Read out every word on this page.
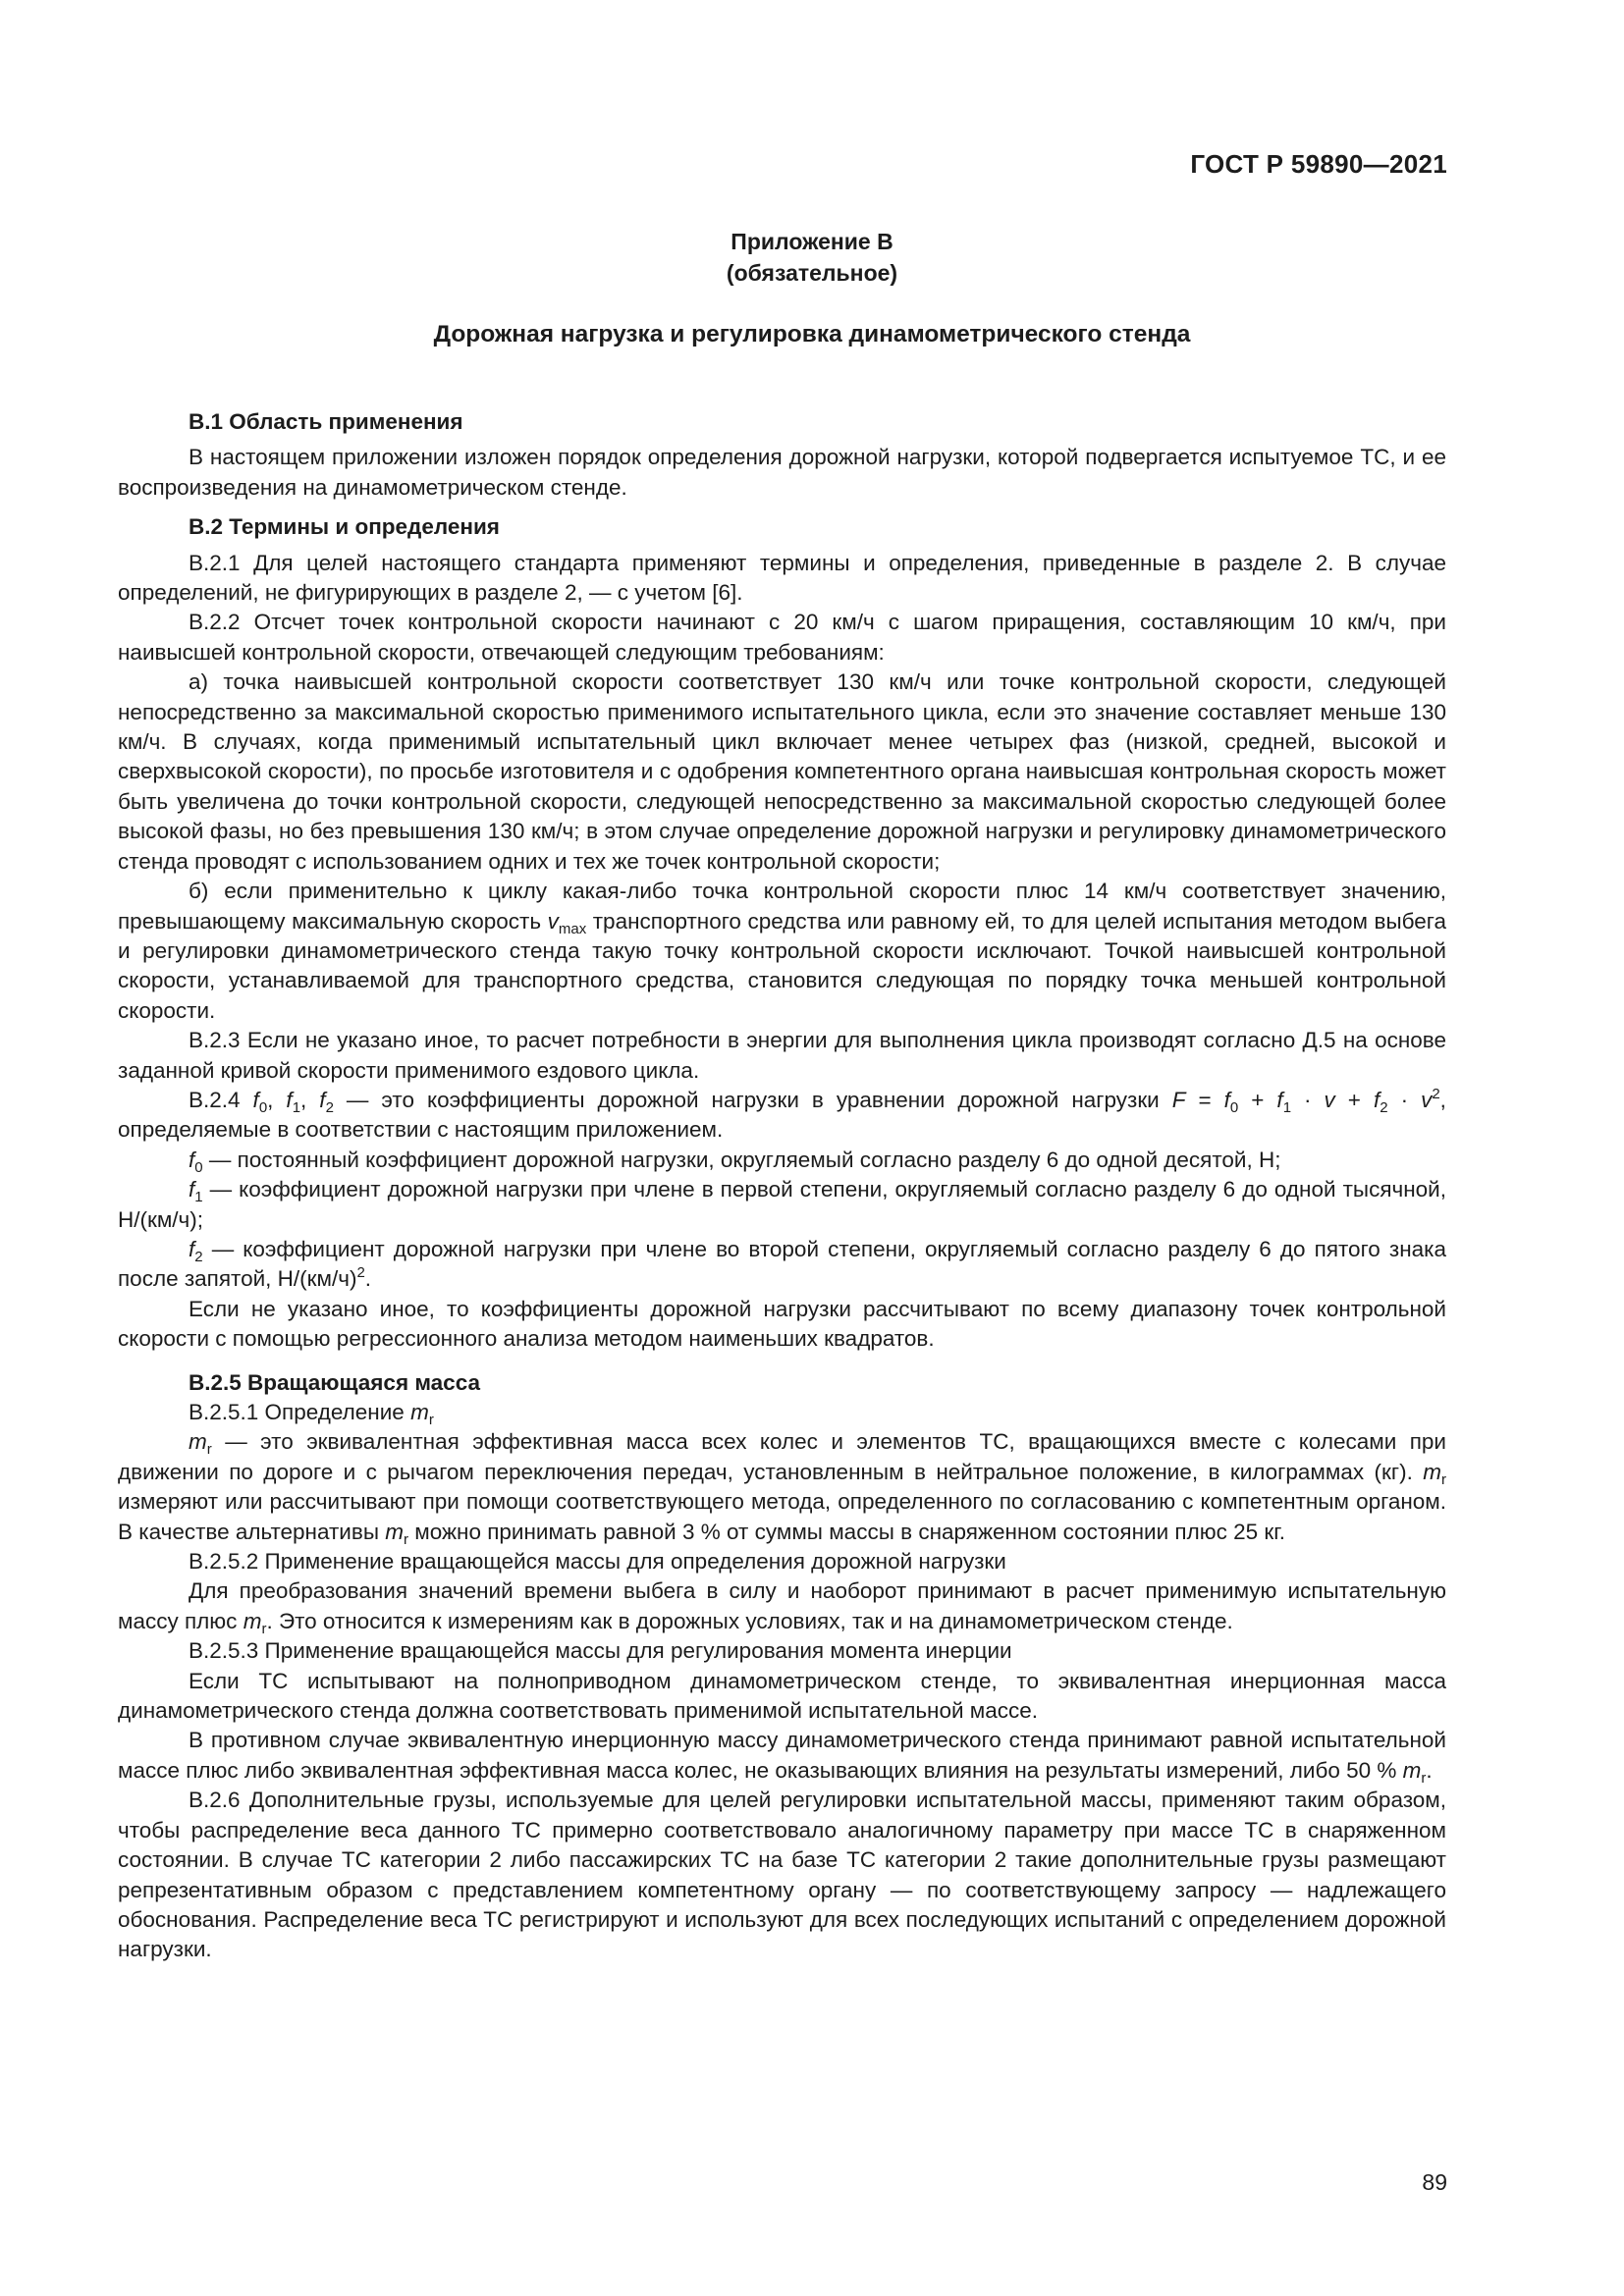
ГОСТ Р 59890—2021
Приложение В
(обязательное)
Дорожная нагрузка и регулировка динамометрического стенда

В.1 Область применения

В настоящем приложении изложен порядок определения дорожной нагрузки, которой подвергается испытуемое ТС, и ее воспроизведения на динамометрическом стенде.

В.2 Термины и определения

В.2.1 Для целей настоящего стандарта применяют термины и определения, приведенные в разделе 2. В случае определений, не фигурирующих в разделе 2, — с учетом [6].

В.2.2 Отсчет точек контрольной скорости начинают с 20 км/ч с шагом приращения, составляющим 10 км/ч, при наивысшей контрольной скорости, отвечающей следующим требованиям:

а) точка наивысшей контрольной скорости соответствует 130 км/ч или точке контрольной скорости, следующей непосредственно за максимальной скоростью применимого испытательного цикла, если это значение составляет меньше 130 км/ч. В случаях, когда применимый испытательный цикл включает менее четырех фаз (низкой, средней, высокой и сверхвысокой скорости), по просьбе изготовителя и с одобрения компетентного органа наивысшая контрольная скорость может быть увеличена до точки контрольной скорости, следующей непосредственно за максимальной скоростью следующей более высокой фазы, но без превышения 130 км/ч; в этом случае определение дорожной нагрузки и регулировку динамометрического стенда проводят с использованием одних и тех же точек контрольной скорости;

б) если применительно к циклу какая-либо точка контрольной скорости плюс 14 км/ч соответствует значению, превышающему максимальную скорость $v_{max}$ транспортного средства или равному ей, то для целей испытания методом выбега и регулировки динамометрического стенда такую точку контрольной скорости исключают. Точкой наивысшей контрольной скорости, устанавливаемой для транспортного средства, становится следующая по порядку точка меньшей контрольной скорости.

В.2.3 Если не указано иное, то расчет потребности в энергии для выполнения цикла производят согласно Д.5 на основе заданной кривой скорости применимого ездового цикла.

В.2.4 $f_0$, $f_1$, $f_2$ — это коэффициенты дорожной нагрузки в уравнении дорожной нагрузки $F = f_0 + f_1 \cdot v + f_2 \cdot v^2$, определяемые в соответствии с настоящим приложением.

$f_0$ — постоянный коэффициент дорожной нагрузки, округляемый согласно разделу 6 до одной десятой, Н;

$f_1$ — коэффициент дорожной нагрузки при члене в первой степени, округляемый согласно разделу 6 до одной тысячной, Н/(км/ч);

$f_2$ — коэффициент дорожной нагрузки при члене во второй степени, округляемый согласно разделу 6 до пятого знака после запятой, $Н/(км/ч)^2$.

Если не указано иное, то коэффициенты дорожной нагрузки рассчитывают по всему диапазону точек контрольной скорости с помощью регрессионного анализа методом наименьших квадратов.

В.2.5 Вращающаяся масса

В.2.5.1 Определение $m_r$

$m_r$ — это эквивалентная эффективная масса всех колес и элементов ТС, вращающихся вместе с колесами при движении по дороге и с рычагом переключения передач, установленным в нейтральное положение, в килограммах (кг). $m_r$ измеряют или рассчитывают при помощи соответствующего метода, определенного по согласованию с компетентным органом. В качестве альтернативы $m_r$ можно принимать равной 3 % от суммы массы в снаряженном состоянии плюс 25 кг.

В.2.5.2 Применение вращающейся массы для определения дорожной нагрузки

Для преобразования значений времени выбега в силу и наоборот принимают в расчет применимую испытательную массу плюс $m_r$. Это относится к измерениям как в дорожных условиях, так и на динамометрическом стенде.

В.2.5.3 Применение вращающейся массы для регулирования момента инерции

Если ТС испытывают на полноприводном динамометрическом стенде, то эквивалентная инерционная масса динамометрического стенда должна соответствовать применимой испытательной массе.

В противном случае эквивалентную инерционную массу динамометрического стенда принимают равной испытательной массе плюс либо эквивалентная эффективная масса колес, не оказывающих влияния на результаты измерений, либо 50 % $m_r$.

В.2.6 Дополнительные грузы, используемые для целей регулировки испытательной массы, применяют таким образом, чтобы распределение веса данного ТС примерно соответствовало аналогичному параметру при массе ТС в снаряженном состоянии. В случае ТС категории 2 либо пассажирских ТС на базе ТС категории 2 такие дополнительные грузы размещают репрезентативным образом с представлением компетентному органу — по соответствующему запросу — надлежащего обоснования. Распределение веса ТС регистрируют и используют для всех последующих испытаний с определением дорожной нагрузки.

89
